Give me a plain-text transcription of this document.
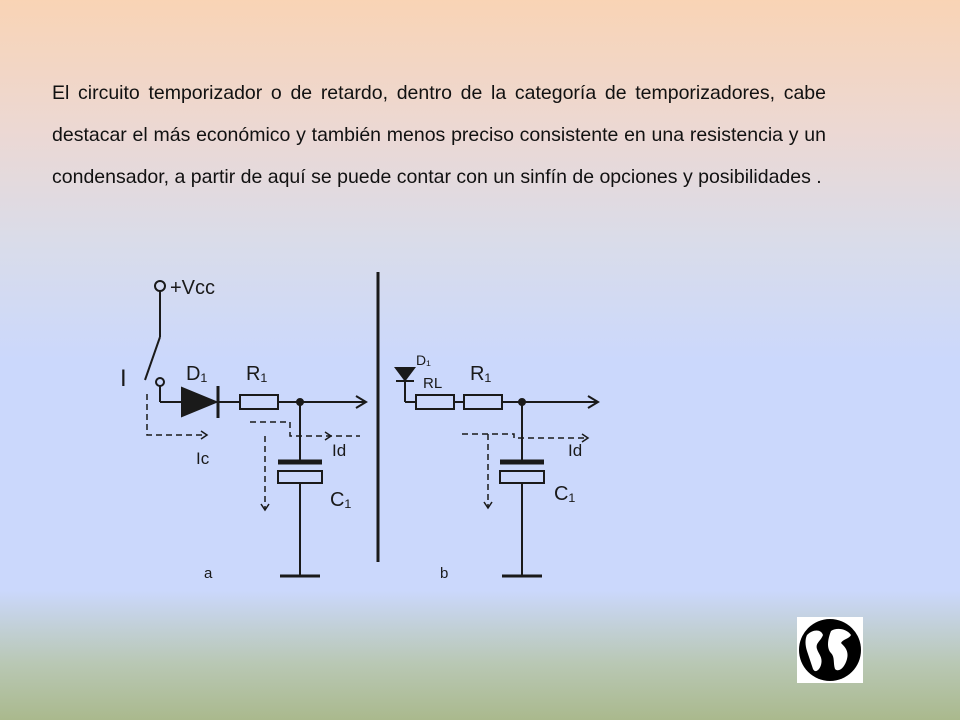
El circuito temporizador o de retardo, dentro de la categoría de temporizadores, cabe destacar el más económico y también menos preciso consistente en una resistencia y un condensador, a partir de aquí se puede contar con un sinfín de opciones y posibilidades .

+Vcc
I	D₁ R₁
C₁
Ic	Id
a
D₁
RL R₁
C₁
Id
b
